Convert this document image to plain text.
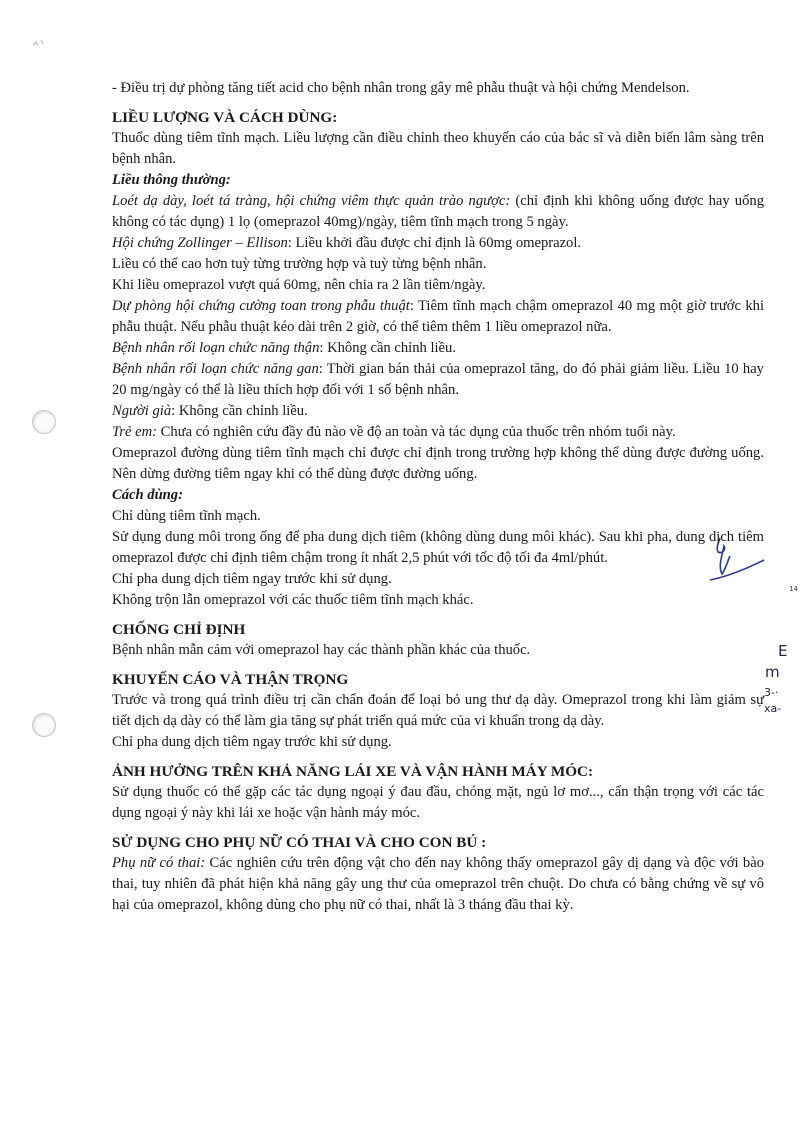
14
E
m
3-·
xa-

- Điều trị dự phòng tăng tiết acid cho bệnh nhân trong gây mê phẫu thuật và hội chứng Mendelson.

LIỀU LƯỢNG VÀ CÁCH DÙNG:

Thuốc dùng tiêm tĩnh mạch. Liều lượng cần điều chỉnh theo khuyến cáo của bác sĩ và diễn biến lâm sàng trên bệnh nhân.

Liều thông thường:

Loét dạ dày, loét tá tràng, hội chứng viêm thực quản trào ngược: (chỉ định khi không uống được hay uống không có tác dụng) 1 lọ (omeprazol 40mg)/ngày, tiêm tĩnh mạch trong 5 ngày.

Hội chứng Zollinger – Ellison: Liều khởi đầu được chỉ định là 60mg omeprazol.

Liều có thể cao hơn tuỳ từng trường hợp và tuỳ từng bệnh nhân.

Khi liều omeprazol vượt quá 60mg, nên chia ra 2 lần tiêm/ngày.

Dự phòng hội chứng cường toan trong phẫu thuật: Tiêm tĩnh mạch chậm omeprazol 40 mg một giờ trước khi phẫu thuật. Nếu phẫu thuật kéo dài trên 2 giờ, có thể tiêm thêm 1 liều omeprazol nữa.

Bệnh nhân rối loạn chức năng thận: Không cần chỉnh liều.

Bệnh nhân rối loạn chức năng gan: Thời gian bán thải của omeprazol tăng, do đó phải giảm liều. Liều 10 hay 20 mg/ngày có thể là liều thích hợp đối với 1 số bệnh nhân.

Người già: Không cần chỉnh liều.

Trẻ em: Chưa có nghiên cứu đầy đủ nào về độ an toàn và tác dụng của thuốc trên nhóm tuổi này.

Omeprazol đường dùng tiêm tĩnh mạch chỉ được chỉ định trong trường hợp không thể dùng được đường uống. Nên dừng đường tiêm ngay khi có thể dùng được đường uống.

Cách dùng:

Chỉ dùng tiêm tĩnh mạch.

Sử dụng dung môi trong ống để pha dung dịch tiêm (không dùng dung môi khác). Sau khi pha, dung dịch tiêm omeprazol được chỉ định tiêm chậm trong ít nhất 2,5 phút với tốc độ tối đa 4ml/phút.

Chỉ pha dung dịch tiêm ngay trước khi sử dụng.

Không trộn lẫn omeprazol với các thuốc tiêm tĩnh mạch khác.

CHỐNG CHỈ ĐỊNH

Bệnh nhân mẫn cảm với omeprazol hay các thành phần khác của thuốc.

KHUYẾN CÁO VÀ THẬN TRỌNG

Trước và trong quá trình điều trị cần chẩn đoán để loại bỏ ung thư dạ dày. Omeprazol trong khi làm giảm sự tiết dịch dạ dày có thể làm gia tăng sự phát triển quá mức của vi khuẩn trong dạ dày.

Chỉ pha dung dịch tiêm ngay trước khi sử dụng.

ẢNH HƯỞNG TRÊN KHẢ NĂNG LÁI XE VÀ VẬN HÀNH MÁY MÓC:

Sử dụng thuốc có thể gặp các tác dụng ngoại ý đau đầu, chóng mặt, ngủ lơ mơ..., cẩn thận trọng với các tác dụng ngoại ý này khi lái xe hoặc vận hành máy móc.

SỬ DỤNG CHO PHỤ NỮ CÓ THAI VÀ CHO CON BÚ :

Phụ nữ có thai: Các nghiên cứu trên động vật cho đến nay không thấy omeprazol gây dị dạng và độc với bào thai, tuy nhiên đã phát hiện khả năng gây ung thư của omeprazol trên chuột. Do chưa có bằng chứng về sự vô hại của omeprazol, không dùng cho phụ nữ có thai, nhất là 3 tháng đầu thai kỳ.
